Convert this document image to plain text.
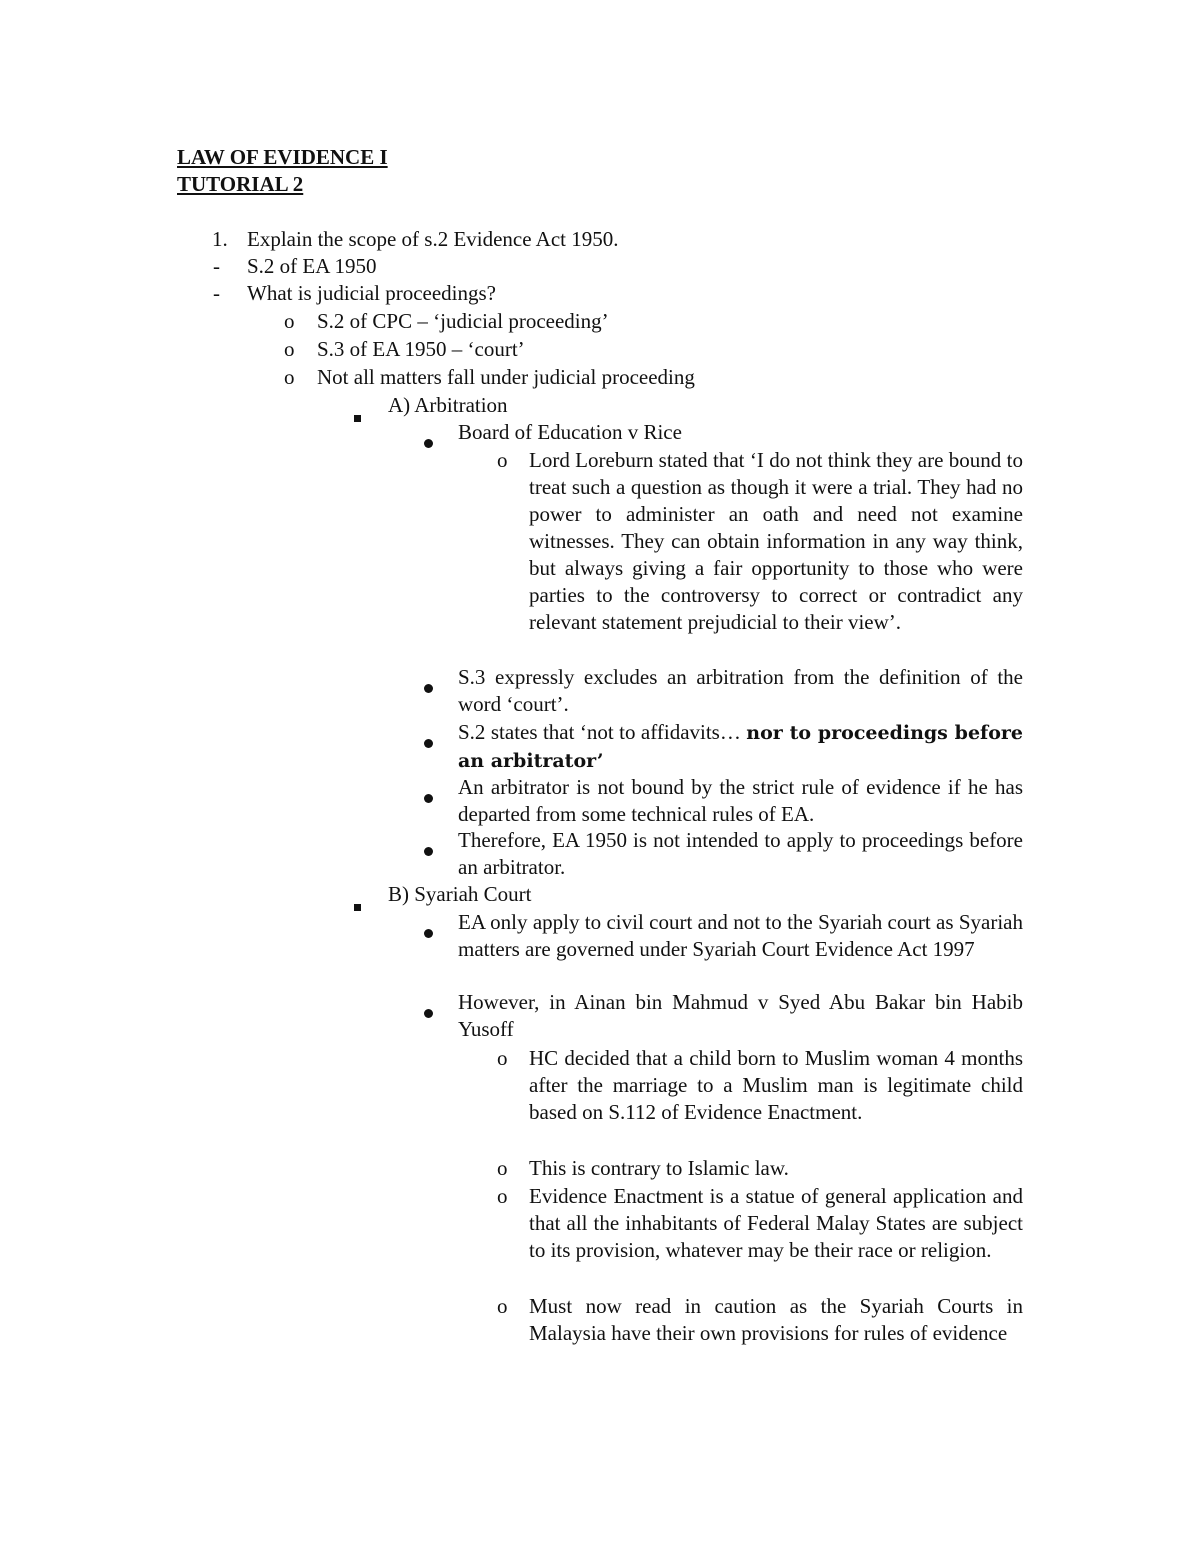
LAW OF EVIDENCE I
TUTORIAL 2
1. Explain the scope of s.2 Evidence Act 1950.
- S.2 of EA 1950
- What is judicial proceedings?
o S.2 of CPC – ‘judicial proceeding’
o S.3 of EA 1950 – ‘court’
o Not all matters fall under judicial proceeding
A) Arbitration
Board of Education v Rice
o Lord Loreburn stated that ‘I do not think they are bound to treat such a question as though it were a trial. They had no power to administer an oath and need not examine witnesses. They can obtain information in any way think, but always giving a fair opportunity to those who were parties to the controversy to correct or contradict any relevant statement prejudicial to their view’.
S.3 expressly excludes an arbitration from the definition of the word ‘court’.
S.2 states that ‘not to affidavits… nor to proceedings before an arbitrator’
An arbitrator is not bound by the strict rule of evidence if he has departed from some technical rules of EA.
Therefore, EA 1950 is not intended to apply to proceedings before an arbitrator.
B) Syariah Court
EA only apply to civil court and not to the Syariah court as Syariah matters are governed under Syariah Court Evidence Act 1997
However, in Ainan bin Mahmud v Syed Abu Bakar bin Habib Yusoff
o HC decided that a child born to Muslim woman 4 months after the marriage to a Muslim man is legitimate child based on S.112 of Evidence Enactment.
o This is contrary to Islamic law.
o Evidence Enactment is a statue of general application and that all the inhabitants of Federal Malay States are subject to its provision, whatever may be their race or religion.
o Must now read in caution as the Syariah Courts in Malaysia have their own provisions for rules of evidence
